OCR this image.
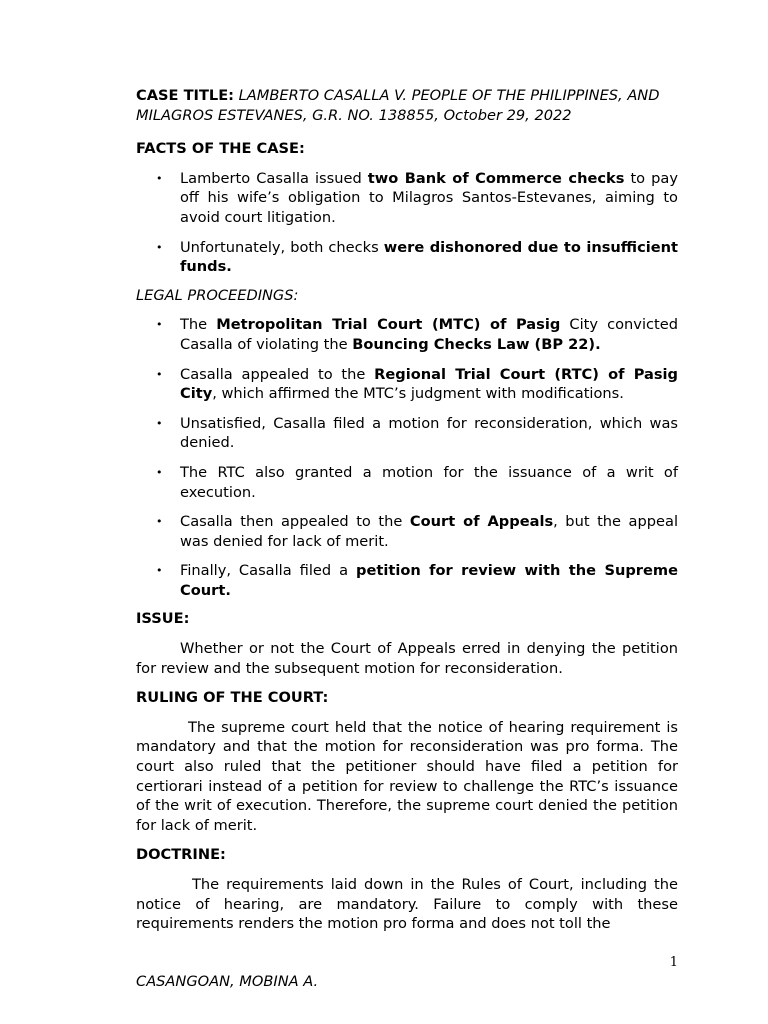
CASE TITLE: LAMBERTO CASALLA V. PEOPLE OF THE PHILIPPINES, AND MILAGROS ESTEVANES, G.R. NO. 138855, October 29, 2022

FACTS OF THE CASE:

• Lamberto Casalla issued two Bank of Commerce checks to pay off his wife’s obligation to Milagros Santos-Estevanes, aiming to avoid court litigation.
• Unfortunately, both checks were dishonored due to insufficient funds.

LEGAL PROCEEDINGS:

• The Metropolitan Trial Court (MTC) of Pasig City convicted Casalla of violating the Bouncing Checks Law (BP 22).
• Casalla appealed to the Regional Trial Court (RTC) of Pasig City, which affirmed the MTC’s judgment with modifications.
• Unsatisfied, Casalla filed a motion for reconsideration, which was denied.
• The RTC also granted a motion for the issuance of a writ of execution.
• Casalla then appealed to the Court of Appeals, but the appeal was denied for lack of merit.
• Finally, Casalla filed a petition for review with the Supreme Court.

ISSUE:

Whether or not the Court of Appeals erred in denying the petition for review and the subsequent motion for reconsideration.

RULING OF THE COURT:

The supreme court held that the notice of hearing requirement is mandatory and that the motion for reconsideration was pro forma. The court also ruled that the petitioner should have filed a petition for certiorari instead of a petition for review to challenge the RTC’s issuance of the writ of execution. Therefore, the supreme court denied the petition for lack of merit.

DOCTRINE:

The requirements laid down in the Rules of Court, including the notice of hearing, are mandatory. Failure to comply with these requirements renders the motion pro forma and does not toll the

1
CASANGOAN, MOBINA A.
